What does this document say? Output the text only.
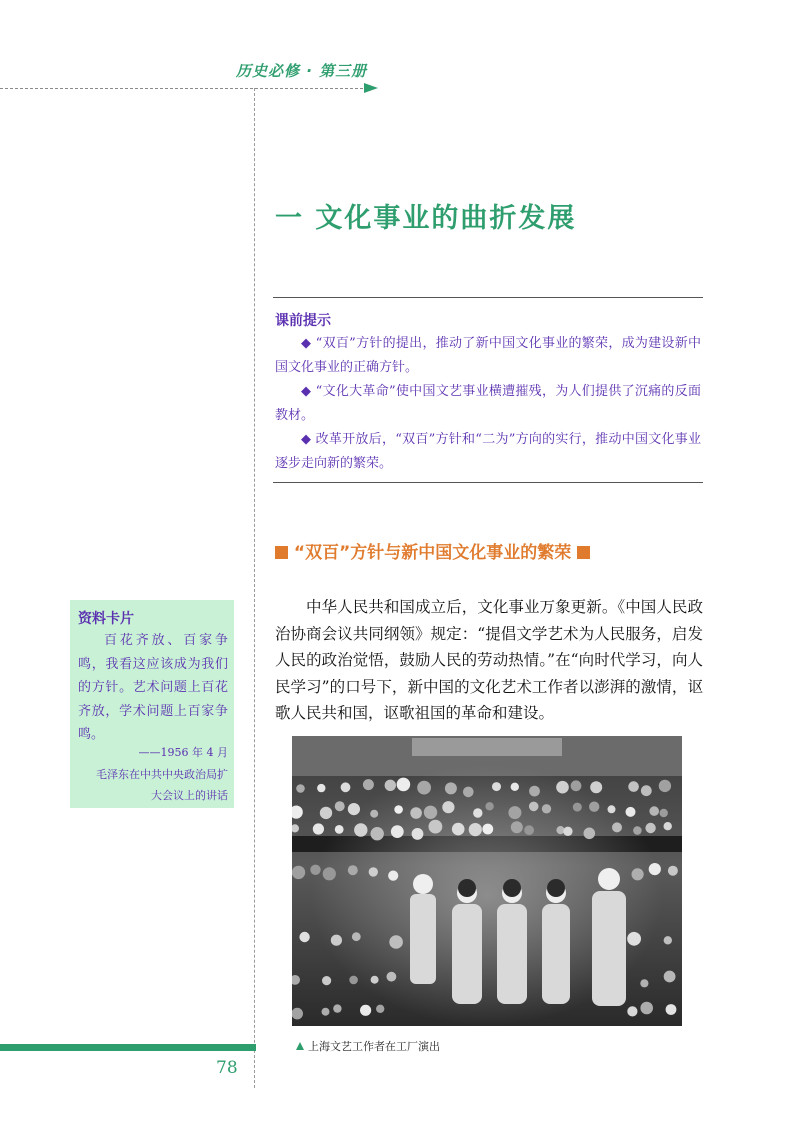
历史必修 · 第三册
一 文化事业的曲折发展
课前提示
◆ “双百”方针的提出，推动了新中国文化事业的繁荣，成为建设新中国文化事业的正确方针。
◆ “文化大革命”使中国文艺事业横遭摧残，为人们提供了沉痛的反面教材。
◆ 改革开放后，“双百”方针和“二为”方向的实行，推动中国文化事业逐步走向新的繁荣。
“双百”方针与新中国文化事业的繁荣
中华人民共和国成立后，文化事业万象更新。《中国人民政治协商会议共同纲领》规定：“提倡文学艺术为人民服务，启发人民的政治觉悟，鼓励人民的劳动热情。”在“向时代学习，向人民学习”的口号下，新中国的文化艺术工作者以澎湃的激情，讴歌人民共和国，讴歌祖国的革命和建设。
资料卡片
百花齐放、百家争鸣，我看这应该成为我们的方针。艺术问题上百花齐放，学术问题上百家争鸣。
——1956 年 4 月
毛泽东在中共中央政治局扩
大会议上的讲话
上海文艺工作者在工厂演出
78
